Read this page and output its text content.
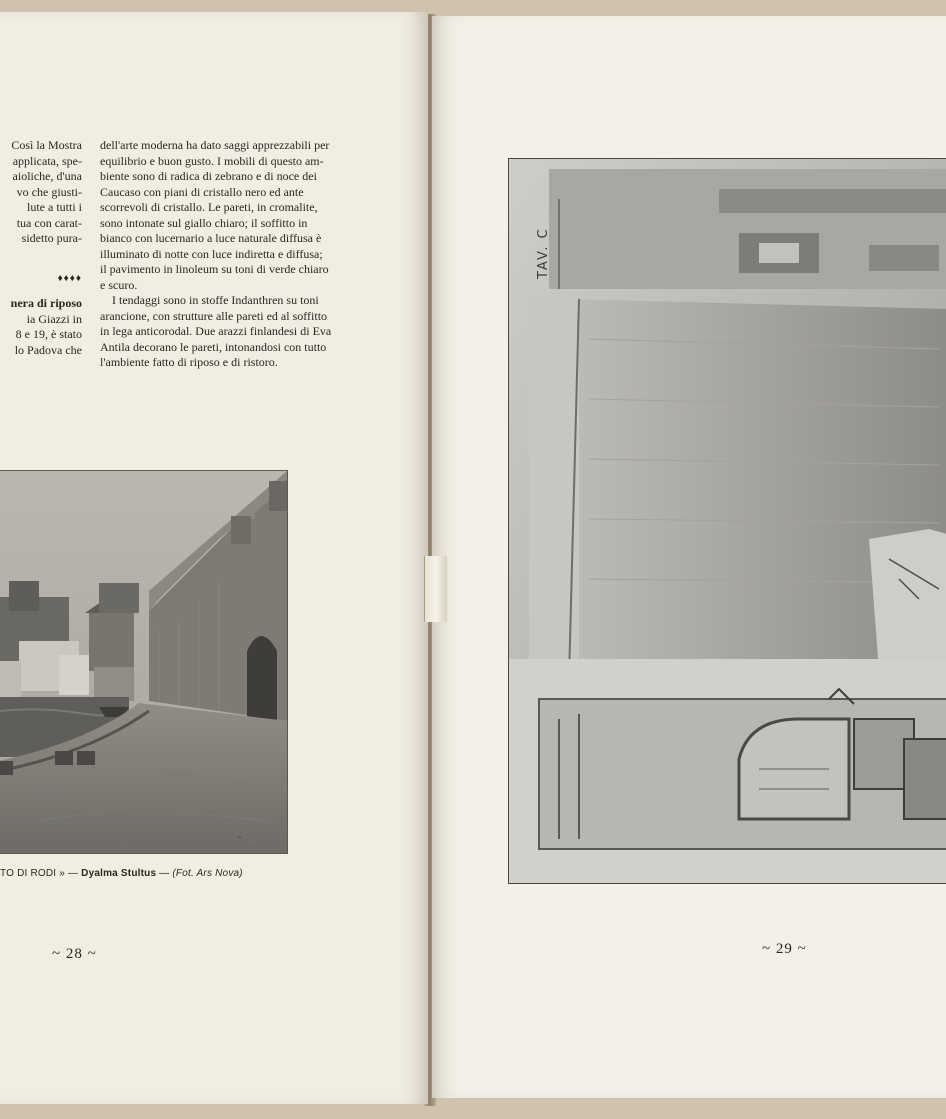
Così la Mostra

applicata, spe-

aioliche, d'una

vo che giusti-

lute a tutti i

tua con carat-

sidetto pura-

♦♦♦♦

nera di riposo

ia Giazzi in

8 e 19, è stato

lo Padova che

dell'arte moderna ha dato saggi apprezzabili per

equilibrio e buon gusto. I mobili di questo am-

biente sono di radica di zebrano e di noce dei

Caucaso con piani di cristallo nero ed ante

scorrevoli di cristallo. Le pareti, in cromalite,

sono intonate sul giallo chiaro; il soffitto in

bianco con lucernario a luce naturale diffusa è

illuminato di notte con luce indiretta e diffusa;

il pavimento in linoleum su toni di verde chiaro

e scuro.

I tendaggi sono in stoffe Indanthren su toni

arancione, con strutture alle pareti ed al soffitto

in lega anticorodal. Due arazzi finlandesi di Eva

Antila decorano le pareti, intonandosi con tutto

l'ambiente fatto di riposo e di ristoro.

~
TO DI RODI » — Dyalma Stultus — (Fot. Ars Nova)
~ 28 ~
TAV. C
~ 29 ~
